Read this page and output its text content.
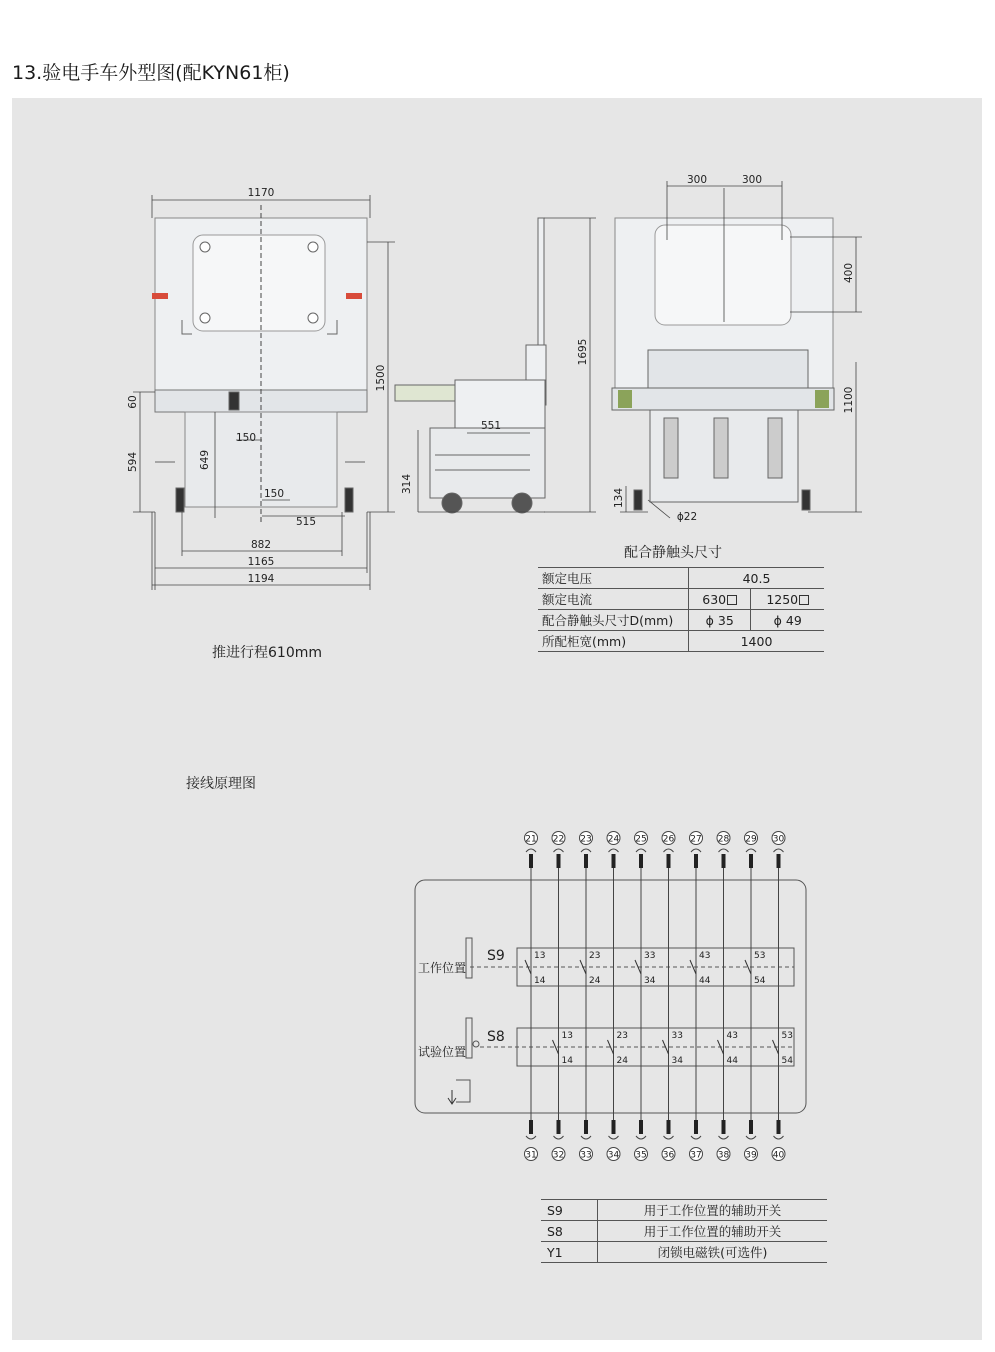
13.验电手车外型图(配KYN61柜)
1170
1500
60
594	649
150
150
515
882
1165
1194
1695
551
314
300	300
400
1100
134
ϕ22
配合静触头尺寸
额定电压	40.5	
额定电流	630	1250
配合静触头尺寸D(mm)	ϕ 35	ϕ 49
所配柜宽(mm)	1400	
推进行程610mm
接线原理图
S9
S8
工作位置
试验位置
21 22 23 24 25 26 27 28 29 30
31 32 33 34 35 36 37 38 39 40
13
14
23
24
33
34
43
44
53
54
13
14
23
24
33
34
43
44
53
54
S9	用于工作位置的辅助开关
S8	用于工作位置的辅助开关
Y1	闭锁电磁铁(可选件)
